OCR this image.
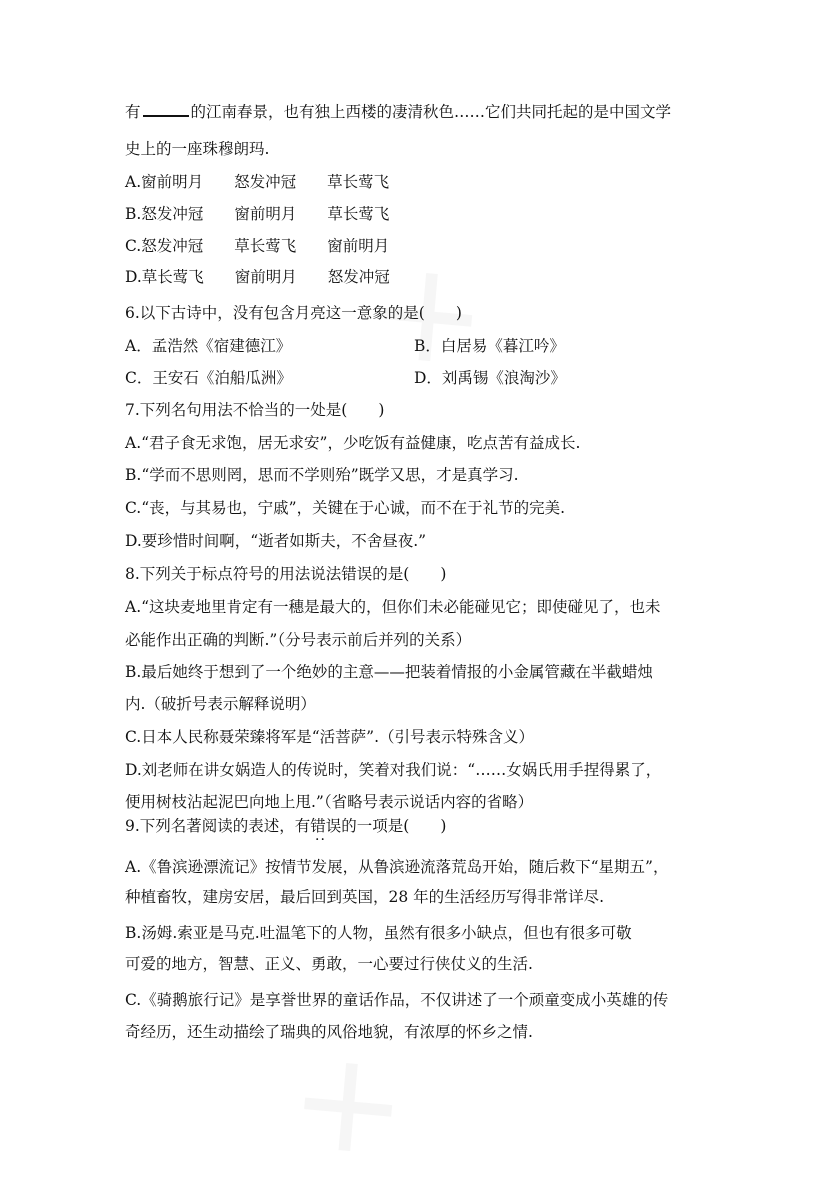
有	的江南春景，也有独上西楼的凄清秋色……它们共同托起的是中国文学
史上的一座珠穆朗玛.
A.窗前明月　　怒发冲冠　　草长莺飞
B.怒发冲冠　　窗前明月　　草长莺飞
C.怒发冲冠　　草长莺飞　　窗前明月
D.草长莺飞　　窗前明月　　怒发冲冠
6.以下古诗中，没有包含月亮这一意象的是(　　)
A．孟浩然《宿建德江》	B．白居易《暮江吟》
C．王安石《泊船瓜洲》	D．刘禹锡《浪淘沙》
7.下列名句用法不恰当的一处是(　　)
A.“君子食无求饱，居无求安”，少吃饭有益健康，吃点苦有益成长.
B.“学而不思则罔，思而不学则殆”既学又思，才是真学习.
C.“丧，与其易也，宁戚”，关键在于心诚，而不在于礼节的完美.
D.要珍惜时间啊，“逝者如斯夫，不舍昼夜.”
8.下列关于标点符号的用法说法错误的是(　　)
A.“这块麦地里肯定有一穗是最大的，但你们未必能碰见它；即使碰见了，也未
必能作出正确的判断.”（分号表示前后并列的关系）
B.最后她终于想到了一个绝妙的主意——把装着情报的小金属管藏在半截蜡烛
内.（破折号表示解释说明）
C.日本人民称聂荣臻将军是“活菩萨”.（引号表示特殊含义）
D.刘老师在讲女娲造人的传说时，笑着对我们说：“……女娲氏用手捏得累了，
便用树枝沾起泥巴向地上甩.”（省略号表示说话内容的省略）
9.下列名著阅读的表述，有错误的一项是(　　)
··
A.《鲁滨逊漂流记》按情节发展，从鲁滨逊流落荒岛开始，随后救下“星期五”，
种植畜牧，建房安居，最后回到英国，28 年的生活经历写得非常详尽.
B.汤姆.索亚是马克.吐温笔下的人物，虽然有很多小缺点，但也有很多可敬
可爱的地方，智慧、正义、勇敢，一心要过行侠仗义的生活.
C.《骑鹅旅行记》是享誉世界的童话作品，不仅讲述了一个顽童变成小英雄的传
奇经历，还生动描绘了瑞典的风俗地貌，有浓厚的怀乡之情.
